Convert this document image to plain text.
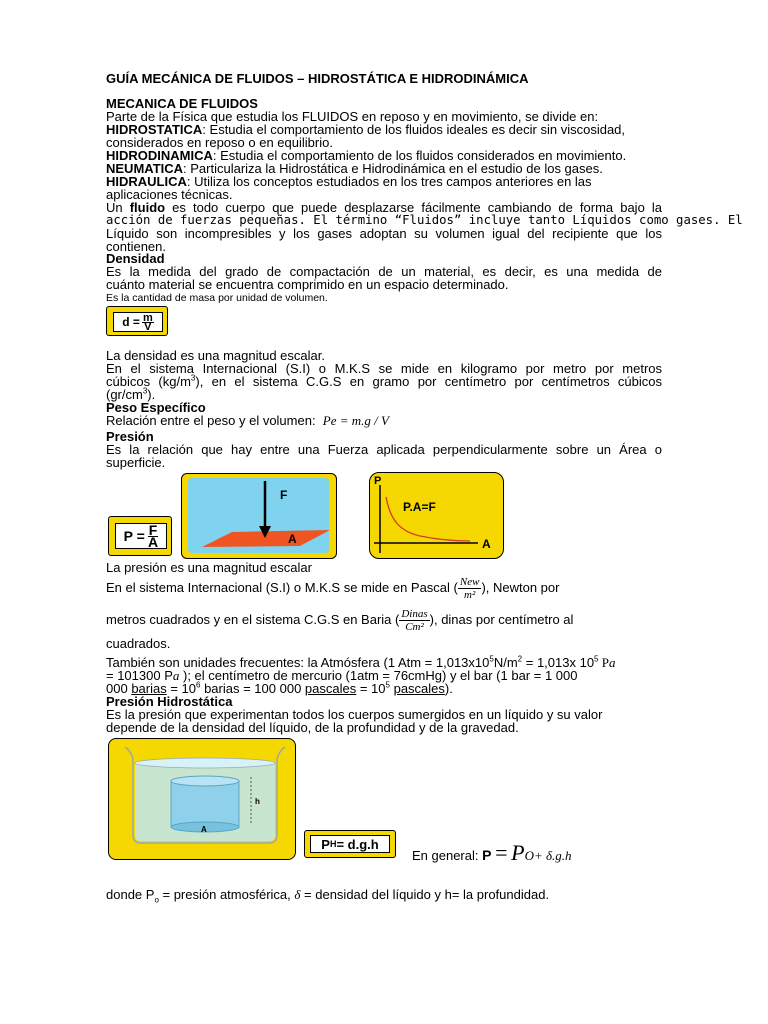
GUÍA MECÁNICA DE FLUIDOS – HIDROSTÁTICA E HIDRODINÁMICA
MECANICA DE FLUIDOS
Parte de la Física que estudia los FLUIDOS en reposo y en movimiento, se divide en:
HIDROSTATICA: Estudia el comportamiento de los fluidos ideales es decir sin viscosidad,
considerados en reposo o en equilibrio.
HIDRODINAMICA: Estudia el comportamiento de los fluidos considerados en movimiento.
NEUMATICA: Particulariza la Hidrostática e Hidrodinámica en el estudio de los gases.
HIDRAULICA: Utiliza los conceptos estudiados en los tres campos anteriores en las
aplicaciones técnicas.
Un fluido es todo cuerpo que puede desplazarse fácilmente cambiando de forma bajo la
acción de fuerzas pequeñas. El término “Fluidos” incluye tanto Líquidos como gases. El
Líquido son incompresibles y los gases adoptan su volumen igual del recipiente que los
contienen.
Densidad
Es la medida del grado de compactación de un material, es decir, es una medida de
cuánto material se encuentra comprimido en un espacio determinado.
Es la cantidad de masa por unidad de volumen.
$d = \frac{m}{V}$
La densidad es una magnitud escalar.
En el sistema Internacional (S.I) o M.K.S se mide en kilogramo por metro por metros
cúbicos $(kg/m^3)$, en el sistema C.G.S en gramo por centímetro por centímetros cúbicos
$(gr/cm^3)$.
Peso Específico
Relación entre el peso y el volumen: Pe = m.g / V
Presión
Es la relación que hay entre una Fuerza aplicada perpendicularmente sobre un Área o
superficie.
$P = \frac{F}{A}$
F
A
P
A
P.A=F
La presión es una magnitud escalar
En el sistema Internacional (S.I) o M.K.S se mide en Pascal ( $\frac{\text{New}}{\text{m²}}$ ), Newton por
metros cuadrados y en el sistema C.G.S en Baria ( $\frac{\text{Dinas}}{\text{Cm²}}$ ), dinas por centímetro al
cuadrados.
También son unidades frecuentes: la Atmósfera (1 Atm = $1,013x10^5N/m^2 = 1,013x$ $10^5$ Pa
= 101300 Pa ); el centímetro de mercurio (1atm = 76cmHg) y el bar (1 bar = 1 000
000 barias = $10^6$ barias = 100 000 pascales = $10^5$ pascales).
Presión Hidrostática
Es la presión que experimentan todos los cuerpos sumergidos en un líquido y su valor
depende de la densidad del líquido, de la profundidad y de la gravedad.
h
A
P H = d.g.h
En general: P = PO+ δ.g.h
donde $P_o$ = presión atmosférica, δ = densidad del líquido y h= la profundidad.
